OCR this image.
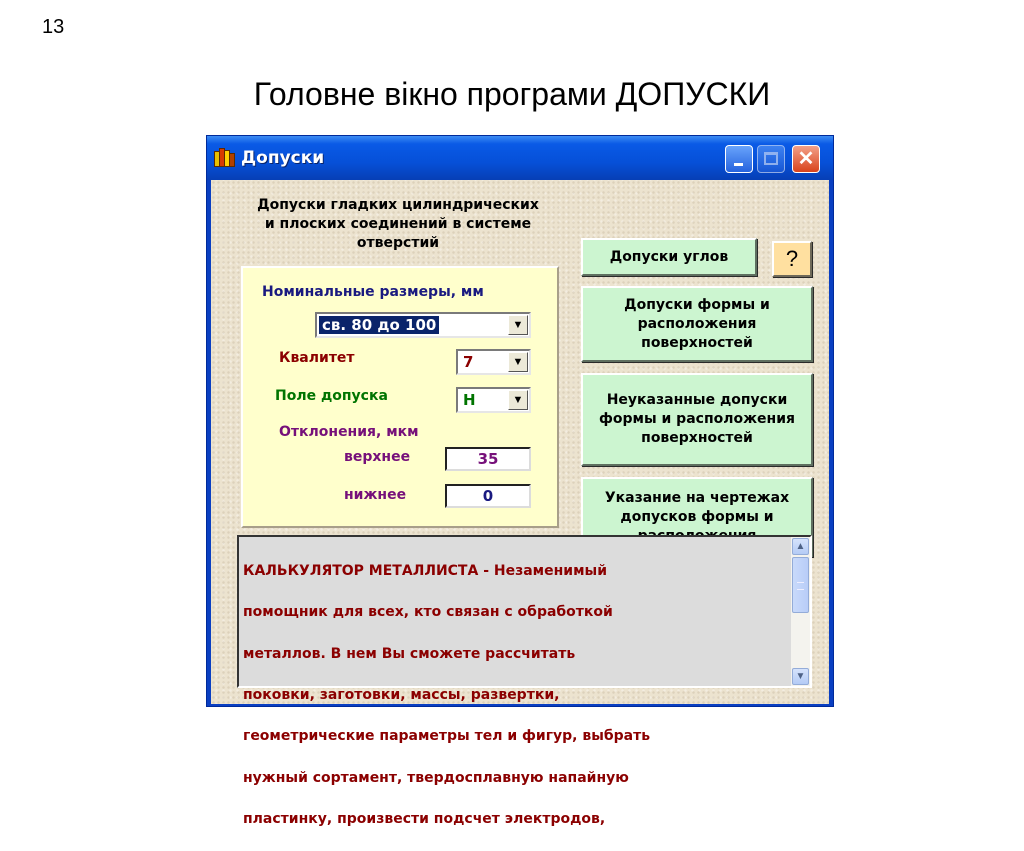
13
Головне вікно програми ДОПУСКИ
Допуски	✕
Допуски гладких цилиндрических
и плоских соединений в системе
отверстий
Номинальные размеры, мм
св. 80 до 100	▼
Квалитет	7	▼
Поле допуска	H	▼
Отклонения, мкм
верхнее	35
нижнее	0
Допуски углов	?
Допуски формы и расположения поверхностей
Неуказанные допуски формы и расположения поверхностей
Указание на чертежах допусков формы и

КАЛЬКУЛЯТОР МЕТАЛЛИСТА - Незаменимый

помощник для всех, кто связан с обработкой

металлов. В нем Вы сможете рассчитать

поковки, заготовки, массы, развертки,

геометрические параметры тел и фигур, выбрать

нужный сортамент, твердосплавную напайную

пластинку, произвести подсчет электродов,

▲
▼
